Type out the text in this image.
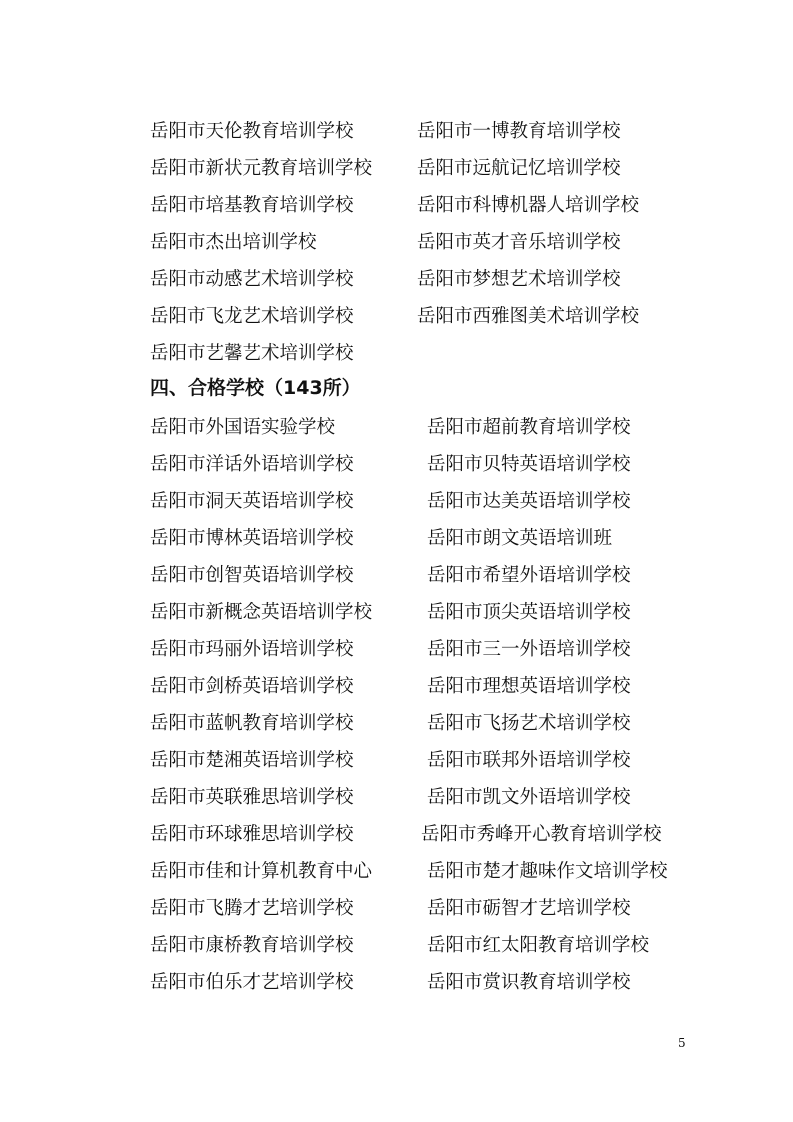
岳阳市天伦教育培训学校	岳阳市一博教育培训学校
岳阳市新状元教育培训学校 岳阳市远航记忆培训学校
岳阳市培基教育培训学校	岳阳市科博机器人培训学校
岳阳市杰出培训学校	岳阳市英才音乐培训学校
岳阳市动感艺术培训学校	岳阳市梦想艺术培训学校
岳阳市飞龙艺术培训学校	岳阳市西雅图美术培训学校
岳阳市艺馨艺术培训学校
四、合格学校（143所）
岳阳市外国语实验学校	岳阳市超前教育培训学校
岳阳市洋话外语培训学校	岳阳市贝特英语培训学校
岳阳市洞天英语培训学校	岳阳市达美英语培训学校
岳阳市博林英语培训学校	岳阳市朗文英语培训班
岳阳市创智英语培训学校	岳阳市希望外语培训学校
岳阳市新概念英语培训学校	岳阳市顶尖英语培训学校
岳阳市玛丽外语培训学校	岳阳市三一外语培训学校
岳阳市剑桥英语培训学校	岳阳市理想英语培训学校
岳阳市蓝帆教育培训学校	岳阳市飞扬艺术培训学校
岳阳市楚湘英语培训学校	岳阳市联邦外语培训学校
岳阳市英联雅思培训学校	岳阳市凯文外语培训学校
岳阳市环球雅思培训学校	岳阳市秀峰开心教育培训学校
岳阳市佳和计算机教育中心	岳阳市楚才趣味作文培训学校
岳阳市飞腾才艺培训学校	岳阳市砺智才艺培训学校
岳阳市康桥教育培训学校	岳阳市红太阳教育培训学校
岳阳市伯乐才艺培训学校	岳阳市赏识教育培训学校
5
